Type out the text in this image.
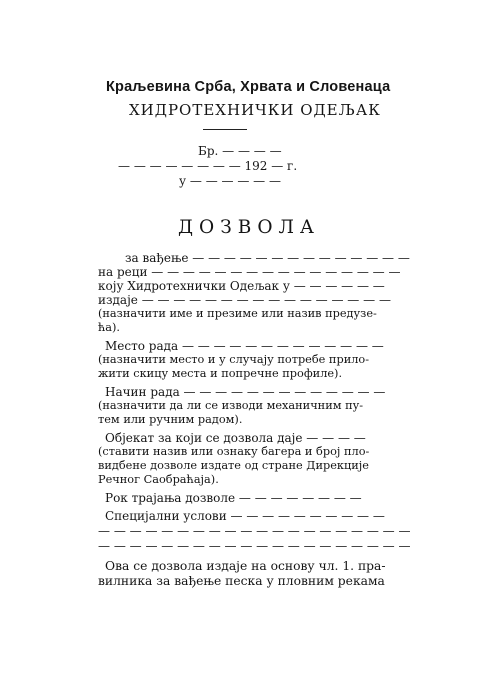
Краљевина Срба, Хрвата и Словенаца
ХИДРОТЕХНИЧКИ ОДЕЉАК
Бр. — — — —
— — — — — — — — 192 — г.
у — — — — — —
ДОЗВОЛА
за вађење — — — — — — — — — — — — — —
на реци — — — — — — — — — — — — — — — —
коју Хидротехнички Одељак у — — — — — —
издаје — — — — — — — — — — — — — — — —
(назначити име и презиме или назив предузе-
ћа).
Место рада — — — — — — — — — — — — —
(назначити место и у случају потребе прило-
жити скицу места и попречне профиле).
Начин рада — — — — — — — — — — — — —
(назначити да ли се изводи механичним пу-
тем или ручним радом).
Објекат за који се дозвола даје — — — —
(ставити назив или ознаку багера и број пло-
видбене дозволе издате од стране Дирекције
Речног Саобраћаја).
Рок трајања дозволе — — — — — — — —
Специјални услови — — — — — — — — — —
— — — — — — — — — — — — — — — — — — — —
— — — — — — — — — — — — — — — — — — — —
Ова се дозвола издаје на основу чл. 1. пра-
вилника за вађење песка у пловним рекама
